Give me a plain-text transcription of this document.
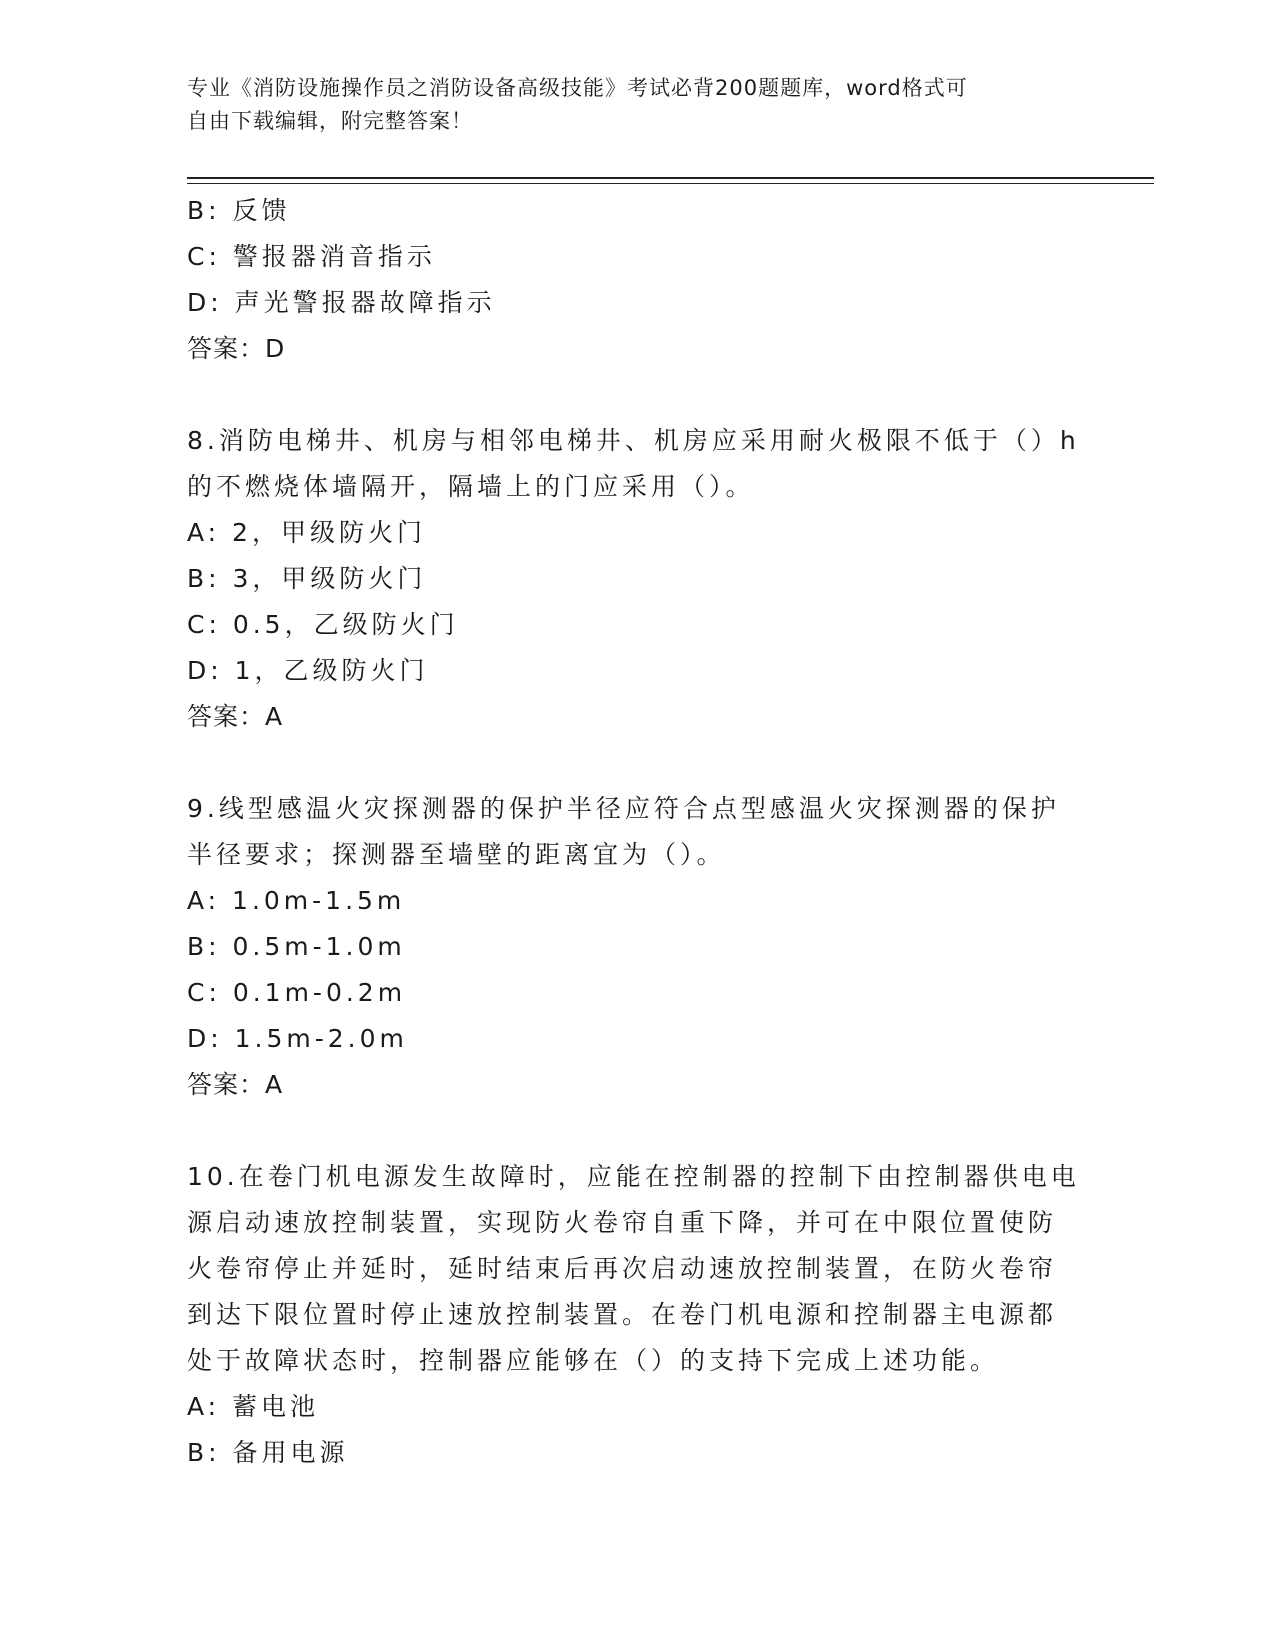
专业《消防设施操作员之消防设备高级技能》考试必背200题题库，word格式可
自由下载编辑，附完整答案！
B: 反馈
C: 警报器消音指示
D: 声光警报器故障指示
答案：D
8.消防电梯井、机房与相邻电梯井、机房应采用耐火极限不低于（）h
的不燃烧体墙隔开，隔墙上的门应采用（）。
A: 2，甲级防火门
B: 3，甲级防火门
C: 0.5，乙级防火门
D: 1，乙级防火门
答案：A
9.线型感温火灾探测器的保护半径应符合点型感温火灾探测器的保护
半径要求；探测器至墙壁的距离宜为（）。
A: 1.0m-1.5m
B: 0.5m-1.0m
C: 0.1m-0.2m
D: 1.5m-2.0m
答案：A
10.在卷门机电源发生故障时，应能在控制器的控制下由控制器供电电
源启动速放控制装置，实现防火卷帘自重下降，并可在中限位置使防
火卷帘停止并延时，延时结束后再次启动速放控制装置，在防火卷帘
到达下限位置时停止速放控制装置。在卷门机电源和控制器主电源都
处于故障状态时，控制器应能够在（）的支持下完成上述功能。
A: 蓄电池
B: 备用电源
